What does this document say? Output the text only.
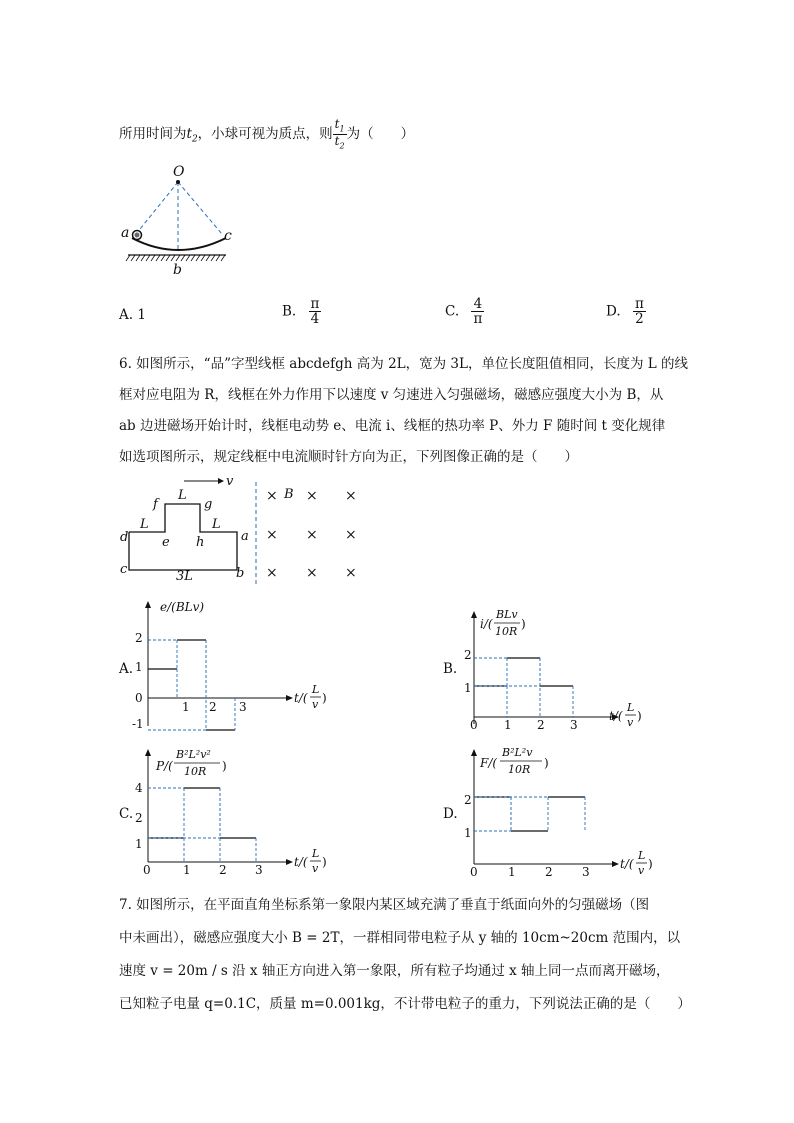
所用时间为$t_2$，小球可视为质点，则 $\frac{t_1}{t_2}$ 为（　　）
O
a	c
b
A. 1	B. $\frac{\pi}{4}$	C. $\frac{4}{\pi}$	D. $\frac{\pi}{2}$
6. 如图所示，“品”字型线框 abcdefgh 高为 2L，宽为 3L，单位长度阻值相同，长度为 L 的线
框对应电阻为 R，线框在外力作用下以速度 v 匀速进入匀强磁场，磁感应强度大小为 B，从
ab 边进磁场开始计时，线框电动势 e、电流 i、线框的热功率 P、外力 F 随时间 t 变化规律
如选项图所示，规定线框中电流顺时针方向为正，下列图像正确的是（　　）
v
L
f	g
L	L
d	e h	a
c	3L	b
× B × ×
× × ×
× × ×
A.
e/(BLv)
2
1
0
-1
1 2 3
t/(
L
v )
B.
i/(
BLv
10R
)
2
1
0 1 2 3
t/(
L
v )
C.
P/(
B²L²v²
10R )
4
2
1
0	1 2 3
t/(
L
v )
D.
F/(
B²L²v
10R )
2
1
0	1 2 3
t/(
L
v )
7. 如图所示，在平面直角坐标系第一象限内某区域充满了垂直于纸面向外的匀强磁场（图
中未画出），磁感应强度大小 B = 2T，一群相同带电粒子从 y 轴的 10cm~20cm 范围内，以
速度 v = 20m / s 沿 x 轴正方向进入第一象限，所有粒子均通过 x 轴上同一点而离开磁场，
已知粒子电量 q=0.1C，质量 m=0.001kg，不计带电粒子的重力，下列说法正确的是（　　）
